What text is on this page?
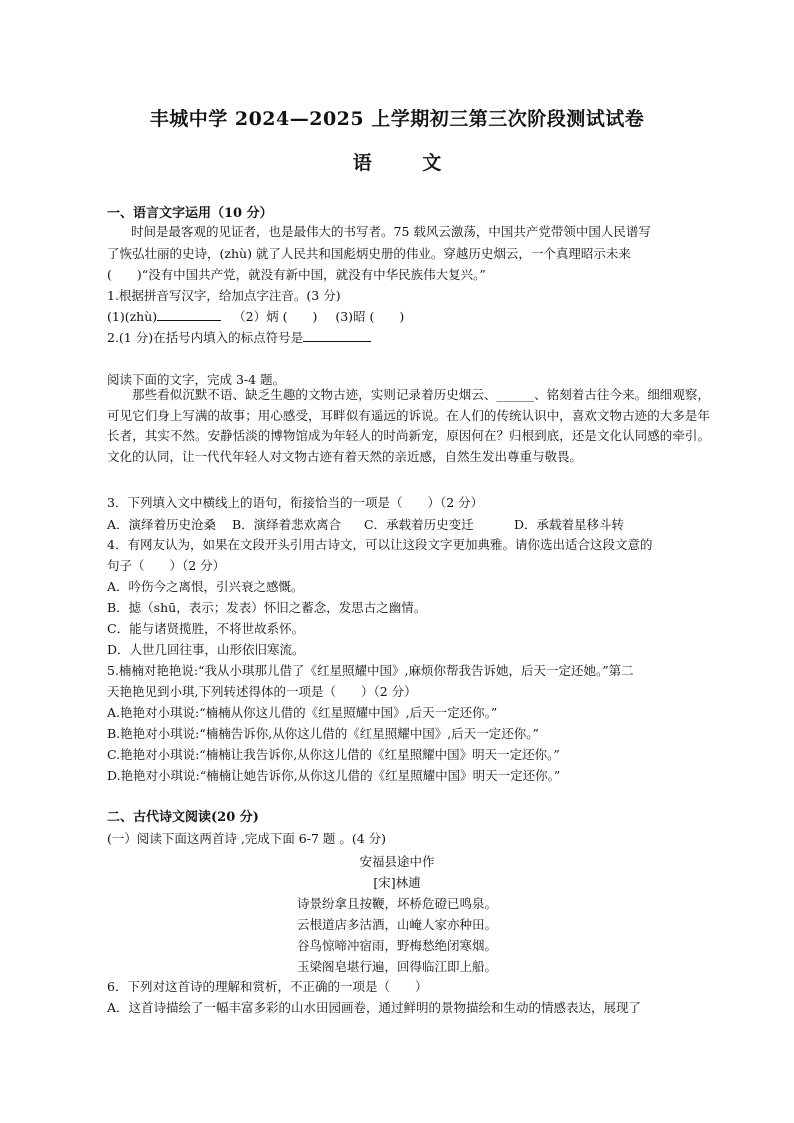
丰城中学 2024—2025 上学期初三第三次阶段测试试卷
语 文
一、语言文字运用（10 分）
时间是最客观的见证者，也是最伟大的书写者。75 载风云激荡，中国共产党带领中国人民谱写
了恢弘壮丽的史诗，(zhù) 就了人民共和国彪炳史册的伟业。穿越历史烟云，一个真理昭示未来
(　　)“没有中国共产党，就没有新中国，就没有中华民族伟大复兴。”
1.根据拼音写汉字，给加点字注音。(3 分)
(1)(zhù)	（2）炳 (　　) (3)昭 (　　)
2.(1 分)在括号内填入的标点符号是
阅读下面的文字，完成 3-4 题。

那些看似沉默不语、缺乏生趣的文物古迹，实则记录着历史烟云、______、铭刻着古往今来。细细观察，可见它们身上写满的故事；用心感受，耳畔似有遥远的诉说。在人们的传统认识中，喜欢文物古迹的大多是年长者，其实不然。安静恬淡的博物馆成为年轻人的时尚新宠，原因何在？归根到底，还是文化认同感的牵引。文化的认同，让一代代年轻人对文物古迹有着天然的亲近感，自然生发出尊重与敬畏。

3．下列填入文中横线上的语句，衔接恰当的一项是（　　）（2 分）
A．演绎着历史沧桑 B．演绎着悲欢离合 C．承载着历史变迁	D．承载着星移斗转
4．有网友认为，如果在文段开头引用古诗文，可以让这段文字更加典雅。请你选出适合这段文意的
句子（　　）（2 分）
A．吟伤今之离恨，引兴衰之感慨。
B．摅（shū，表示；发表）怀旧之蓄念，发思古之幽情。
C．能与诸贤揽胜，不将世故系怀。
D．人世几回往事，山形依旧寒流。
5.楠楠对艳艳说:“我从小琪那儿借了《红星照耀中国》,麻烦你帮我告诉她，后天一定还她。”第二
天艳艳见到小琪,下列转述得体的一项是（　　）（2 分）
A.艳艳对小琪说:“楠楠从你这儿借的《红星照耀中国》,后天一定还你。”
B.艳艳对小琪说:“楠楠告诉你,从你这儿借的《红星照耀中国》,后天一定还你。”
C.艳艳对小琪说:“楠楠让我告诉你,从你这儿借的《红星照耀中国》明天一定还你。”
D.艳艳对小琪说:“楠楠让她告诉你,从你这儿借的《红星照耀中国》明天一定还你。”
二、古代诗文阅读(20 分)
(一）阅读下面这两首诗 ,完成下面 6-7 题 。(4 分)
安福县途中作
[宋]林逋
诗景纷拿且按鞭，坏桥危磴已鸣泉。
云根道店多沽酒，山崦人家亦种田。
谷鸟惊啼冲宿雨，野梅愁绝闭寒烟。
玉梁阁皂堪行遍，回得临江即上船。
6．下列对这首诗的理解和赏析，不正确的一项是（　　）
A．这首诗描绘了一幅丰富多彩的山水田园画卷，通过鲜明的景物描绘和生动的情感表达，展现了
